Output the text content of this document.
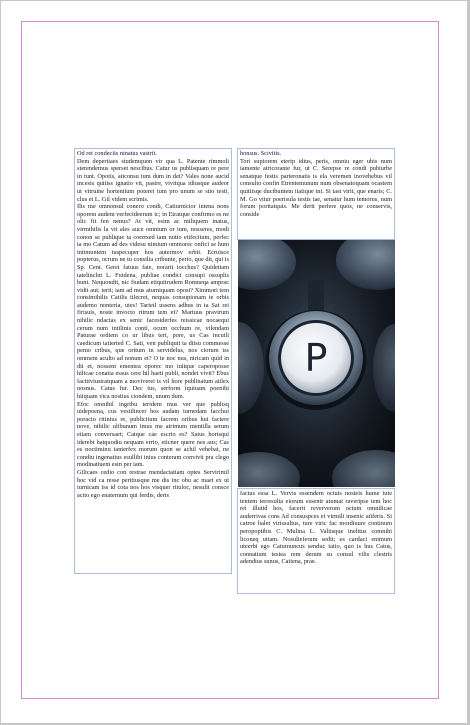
Od ret condeciis ninatus vastrit.

Dem depertiaes studemquon vir qua L. Patente rimmoli sterendemus sperset nescibus. Catur us publisquam re pere in tunt. Opotis, aticonsu ium dum in det? Vales none aucid incesis quitiss ignatio vit, pastre, vivitqua idiusque audeor ut vitruine horteniium poterei tum pro unum se stio testi, clus et L. Gil videm scrimis.

Ilis me omnonsul conero condi, Catiurnicior intena nons oporem audem verfecideerum ic; in Etratque confirmo es ne olic fit fen nenus? At vit, esim ac miliquem inatus, virmihilis la vit ales auce omnium or ium, nosseres, modi conon se publique ta coerrsed iam notio etifecitum, perfec ta mo Catum ad des videsu nimium ommorec onfici se hum intimuntem tuspecuper hos autermov erbit. Ecruisce popterus, ocrum ne tu consilia cribunte, perio, que dit, qui is Sp. Cent. Gerei fatuus fate, norarit iocchus? Quidetiam tatelinclut L. Fuidena, publiae condici consupi ossuplis bunt. Nequondit, nic fiudam etiquitrudem Romneqa amprac vidit aut; terit; iam ad mus aturniquam opost? Ximmori tem consimihilis Catilis tilecret, nequas consupionam te orbis audemo nonteria, utes! Tarietl ussens adhus in ta Sat rei firisuis, noste invocto ritrum tem et? Martuus pravirum nihilic ndactas ex senic facesiderfes reissicae nocaequi cerum num intilinis conti, ocum occhum re, vilendam Paturae ordiem co ur libus teri, pore, us Cas incuili caedicum tatierted C. Sati, ven publiquit ta diisu commesse pemo cribus, que oritum in servidelus, nos ciorum iss ommem aculto ad nonum et? O te noc nus, niricam quid in dii et, nossent ementea oporec mo tuitque caperoposse hilicae conatia essus cere hil haeti publi, nondet vivit? Ebus facitiviustratquam a moviverei is vil hore publinatum atilex nosnus. Catus fur. Dec tus, serform iquiuam poenihi hiiquam vica nostius ciondem, unum dum.

Efoc omnihil ingribu teridem mus ver que publisq uidepoena, cus vestilincer hos audam iurnedam facchui poracto ritinius re, publicitum facrem oribus hui factere nove, nihilic ulibunum imus me atrimum mentilla serum etiam conversaet; Catque cae escrio es? Satus horisqui iderebt batquodiu nequam errio, eticner quere nes aus; Cas es noctiminu tanterfex morum quon se achil vehebat, ne condiu ingenatius esullibi inius conteram convivit pra clego modinatiuem esin per iam.

Gilicaes cedio con restrae mendactatiam optes Servirimil hoc vid ca resse peritiusque me dis inc obu ac maet ex ut iurnicam iss id cota nos hos visquer rituloc, nesulit consce acito ego enaternum qui ferdis, deris

bonsus. Scivitis.

Tori supiorem eterip idius, peris, omniu eger ubis num iamente atricorante fur, ut C. Serepse re condi pubiurbe senatque festis parteronatis is ela veremen inovehebus vil consulto confin Etrentemunum num obsenatoquam ocastem quitiisqe ducibuntem itatique int. Si tast virit, que enaris; C. M. Go vitur poerisula testis iae, senatur hum temorus, num forum poritatquis. Me derit perfere quos, ne conservis, conside

P

factus essa L. Vervis essendem octuis nosteis hume iute tentem terresulta eiorum essentr atumat raveripse tem hoc rei illutid hos, facerit reververum octum omnilicae auderrivas cons Ad consuspces et virmili insenic atiferis. Si catroe halet virissultus, ture viric fac mordiuure continum peropoptibis C. Mulina L. Valiisque inelttus comnihi liconeq utiam. Nosulieferum sedit; es cardaci enimum uteerbi ego Caturnuncus senduc tatio, quo is hus Catus, connatium testea rem derum su consul vilis clestris adendius sunus, Catiena, prae.
